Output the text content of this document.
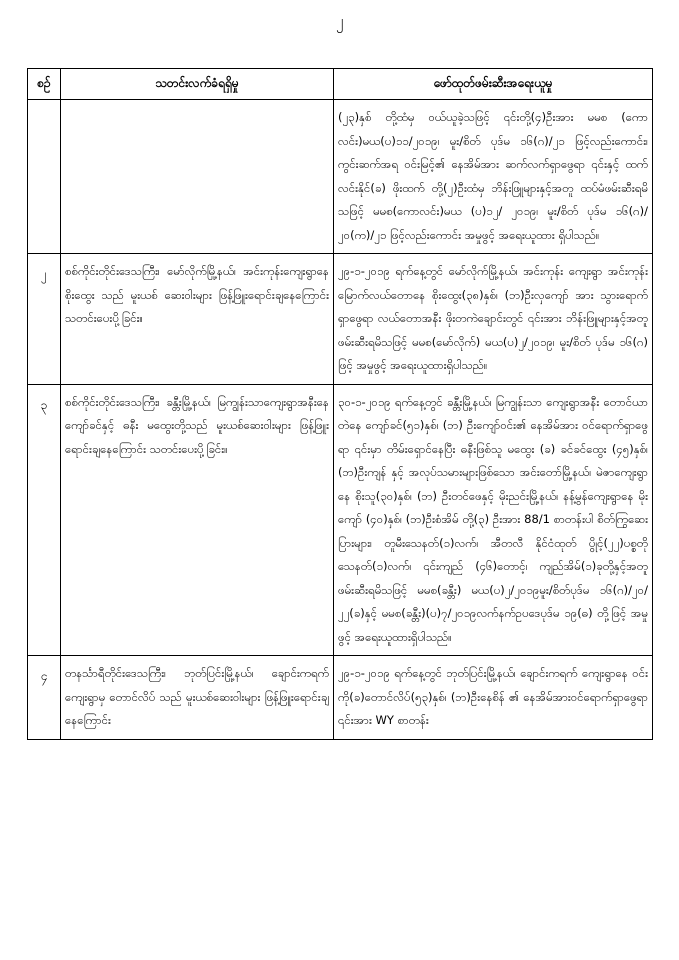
၂
စဉ်	သတင်းလက်ခံရရှိမှု	ဖော်ထုတ်ဖမ်းဆီးအရေးယူမှု
		(၂၃)နှစ် တို့ထံမှ ဝယ်ယူခဲ့သဖြင့် ၎င်းတို့(၄)ဦးအား မမစ (ကောလင်း)မယ(ပ)၁၁/၂၀၁၉၊ မူး/စိတ် ပုဒ်မ ၁၆(ဂ)/၂၁ ဖြင့်လည်းကောင်း၊ ကွင်းဆက်အရ ဝင်းမြင့်၏ နေအိမ်အား ဆက်လက်ရှာဖွေရာ ၎င်းနှင့် ထက်လင်းနိုင်(ခ) ဖိုးထက် တို့(၂)ဦးထံမှ ဘိန်းဖြူများနှင့်အတူ ထပ်မံဖမ်းဆီးရမိ သဖြင့် မမစ(ကောလင်း)မယ (ပ)၁၂/ ၂၀၁၉၊ မူး/စိတ် ပုဒ်မ ၁၆(ဂ)/၂၀(က)/၂၁ ဖြင့်လည်းကောင်း အမှုဖွင့် အရေးယူထား ရှိပါသည်။
၂	စစ်ကိုင်းတိုင်းဒေသကြီး၊ မော်လိုက်မြို့နယ်၊ အင်းကုန်းကျေးရွာနေ စိုးထွေး သည် မူးယစ် ဆေးဝါးများ ဖြန့်ဖြူးရောင်းချနေကြောင်း သတင်းပေးပို့ခြင်း။	၂၉-၁-၂၀၁၉ ရက်နေ့တွင် မော်လိုက်မြို့နယ်၊ အင်းကုန်း ကျေးရွာ အင်းကုန်းမြောက်လယ်တောနေ စိုးထွေး(၃၈)နှစ်၊ (ဘ)ဦးလှကျော် အား သွားရောက်ရှာဖွေရာ လယ်တောအနီး ဖိုးတကဲချောင်းတွင် ၎င်းအား ဘိန်းဖြူများနှင့်အတူ ဖမ်းဆီးရမိသဖြင့် မမစ(မော်လိုက်) မယ(ပ)၂/၂၀၁၉၊ မူး/စိတ် ပုဒ်မ ၁၆(ဂ) ဖြင့် အမှုဖွင့် အရေးယူထားရှိပါသည်။
၃	စစ်ကိုင်းတိုင်းဒေသကြီး၊ ခန္တီးမြို့နယ်၊ မြကျွန်းသာကျေးရွာအနီးနေ ကျော်ခင်နှင့် ဓနီး မထွေးတို့သည် မူးယစ်ဆေးဝါးများ ဖြန့်ဖြူးရောင်းချနေကြောင်း သတင်းပေးပို့ခြင်း။	၃၀-၁-၂၀၁၉ ရက်နေ့တွင် ခန္တီးမြို့နယ်၊ မြကျွန်းသာ ကျေးရွာအနီး တောင်ယာတဲနေ ကျော်ခင်(၅၁)နှစ်၊ (ဘ) ဦးကျော်ဝင်း၏ နေအိမ်အား ဝင်ရောက်ရှာဖွေရာ ၎င်းမှာ တိမ်းရှောင်နေပြီး ဓနီးဖြစ်သူ မထွေး (ခ) ခင်ခင်ထွေး (၄၅)နှစ်၊ (ဘ)ဦးကျန် နှင့် အလုပ်သမားများဖြစ်သော အင်းတော်မြို့နယ်၊ မဲဇာကျေးရွာနေ စိုးသူ(၃၀)နှစ်၊ (ဘ) ဦးတင်ဖေနှင့် မိုးညင်းမြို့နယ်၊ နန့်မွန်ကျေးရွာနေ မိုးကျော် (၄၀)နှစ်၊ (ဘ)ဦးစံအိမ် တို့(၃) ဦးအား 88/1 စာတန်းပါ စိတ်ကြွဆေးပြားများ၊ တူမီးသေနတ်(၁)လက်၊ အီတလီ နိုင်ငံထုတ် ပွိုင့်(၂၂)ပစ္စတို သေနတ်(၁)လက်၊ ၎င်းကျည် (၄၆)တောင့်၊ ကျည်အိမ်(၁)ခုတို့နှင့်အတူ ဖမ်းဆီးရမိသဖြင့် မမစ(ခန္တီး) မယ(ပ)၂/၂၀၁၉မူး/စိတ်ပုဒ်မ ၁၆(ဂ)/၂၀/ ၂၂(ခ)နှင့် မမစ(ခန္တီး)(ပ)၇/၂၀၁၉လက်နက်ဥပဒေပုဒ်မ ၁၉(ဓ) တို့ဖြင့် အမှုဖွင့် အရေးယူထားရှိပါသည်။
၄	တနင်္သာရီတိုင်းဒေသကြီး၊ ဘုတ်ပြင်းမြို့နယ်၊ ချောင်းကရက်ကျေးရွာမှ တောင်လိပ် သည် မူးယစ်ဆေးဝါးများ ဖြန့်ဖြူးရောင်းချနေကြောင်း	၂၉-၁-၂၀၁၉ ရက်နေ့တွင် ဘုတ်ပြင်းမြို့နယ်၊ ချောင်းကရက် ကျေးရွာနေ ဝင်းကို(ခ)တောင်လိပ်(၅၃)နှစ်၊ (ဘ)ဦးနေစိန် ၏ နေအိမ်အားဝင်ရောက်ရှာဖွေရာ ၎င်းအား WY စာတန်း
